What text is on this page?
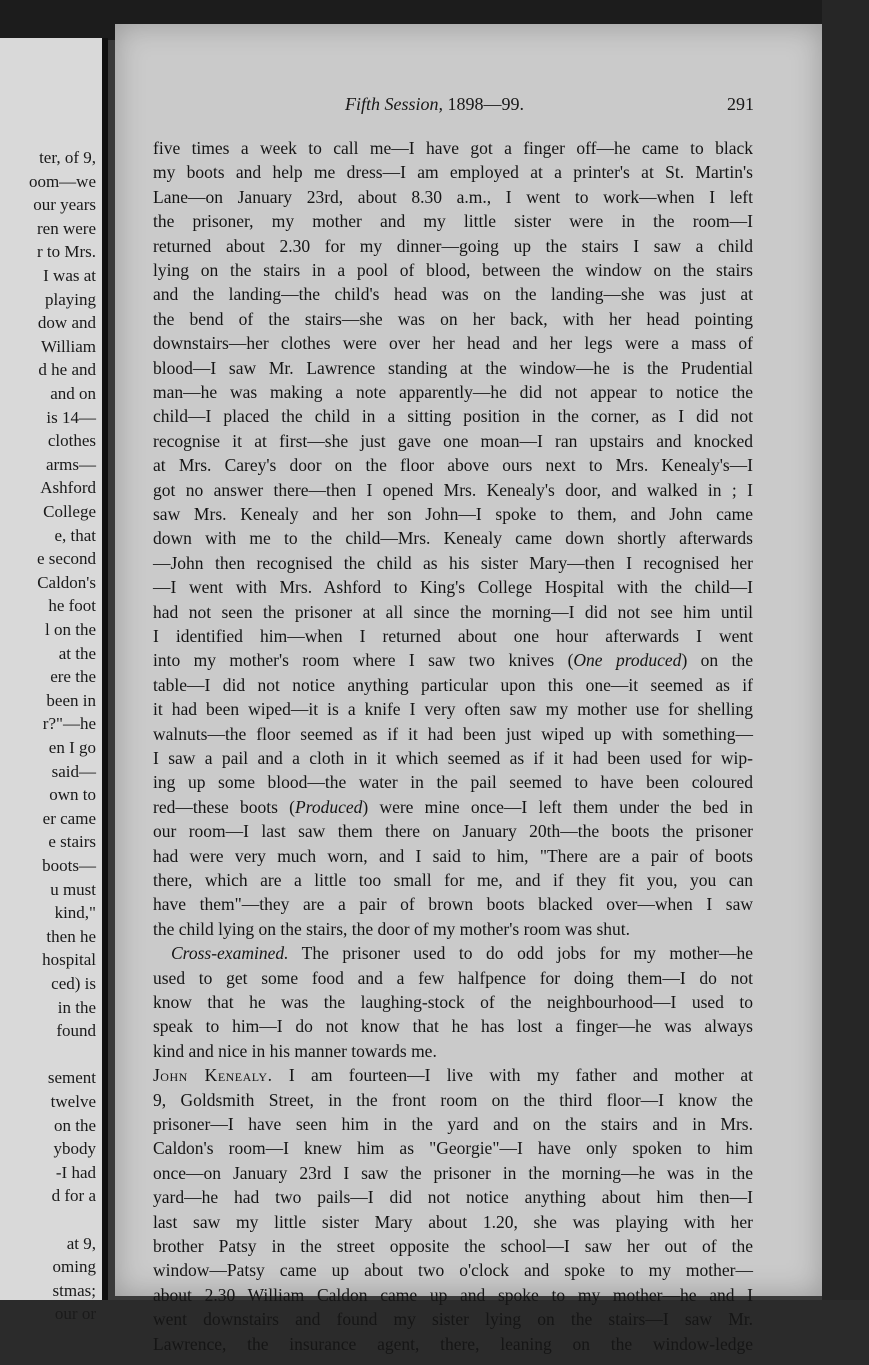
ter, of 9,
oom—we
our years
ren were
r to Mrs.
I was at
playing
dow and
William
d he and
and on
is 14—
clothes
arms—
Ashford
College
e, that
e second
Caldon's
he foot
l on the
at the
ere the
been in
r?"—he
en I go
said—
own to
er came
e stairs
boots—
u must
kind,"
then he
hospital
ced) is
in the
found
sement
twelve
on the
ybody
-I had
d for a
at 9,
oming
stmas;
our or
Fifth Session, 1898—99.	291
five times a week to call me—I have got a finger off—he came to black
my boots and help me dress—I am employed at a printer's at St. Martin's
Lane—on January 23rd, about 8.30 a.m., I went to work—when I left
the prisoner, my mother and my little sister were in the room—I
returned about 2.30 for my dinner—going up the stairs I saw a child
lying on the stairs in a pool of blood, between the window on the stairs
and the landing—the child's head was on the landing—she was just at
the bend of the stairs—she was on her back, with her head pointing
downstairs—her clothes were over her head and her legs were a mass of
blood—I saw Mr. Lawrence standing at the window—he is the Prudential
man—he was making a note apparently—he did not appear to notice the
child—I placed the child in a sitting position in the corner, as I did not
recognise it at first—she just gave one moan—I ran upstairs and knocked
at Mrs. Carey's door on the floor above ours next to Mrs. Kenealy's—I
got no answer there—then I opened Mrs. Kenealy's door, and walked in ; I
saw Mrs. Kenealy and her son John—I spoke to them, and John came
down with me to the child—Mrs. Kenealy came down shortly afterwards
—John then recognised the child as his sister Mary—then I recognised her
—I went with Mrs. Ashford to King's College Hospital with the child—I
had not seen the prisoner at all since the morning—I did not see him until
I identified him—when I returned about one hour afterwards I went
into my mother's room where I saw two knives (One produced) on the
table—I did not notice anything particular upon this one—it seemed as if
it had been wiped—it is a knife I very often saw my mother use for shelling
walnuts—the floor seemed as if it had been just wiped up with something—
I saw a pail and a cloth in it which seemed as if it had been used for wip-
ing up some blood—the water in the pail seemed to have been coloured
red—these boots (Produced) were mine once—I left them under the bed in
our room—I last saw them there on January 20th—the boots the prisoner
had were very much worn, and I said to him, "There are a pair of boots
there, which are a little too small for me, and if they fit you, you can
have them"—they are a pair of brown boots blacked over—when I saw
the child lying on the stairs, the door of my mother's room was shut.
Cross-examined. The prisoner used to do odd jobs for my mother—he
used to get some food and a few halfpence for doing them—I do not
know that he was the laughing-stock of the neighbourhood—I used to
speak to him—I do not know that he has lost a finger—he was always
kind and nice in his manner towards me.
John Kenealy. I am fourteen—I live with my father and mother at
9, Goldsmith Street, in the front room on the third floor—I know the
prisoner—I have seen him in the yard and on the stairs and in Mrs.
Caldon's room—I knew him as "Georgie"—I have only spoken to him
once—on January 23rd I saw the prisoner in the morning—he was in the
yard—he had two pails—I did not notice anything about him then—I
last saw my little sister Mary about 1.20, she was playing with her
brother Patsy in the street opposite the school—I saw her out of the
window—Patsy came up about two o'clock and spoke to my mother—
about 2.30 William Caldon came up and spoke to my mother—he and I
went downstairs and found my sister lying on the stairs—I saw Mr.
Lawrence, the insurance agent, there, leaning on the window-ledge
